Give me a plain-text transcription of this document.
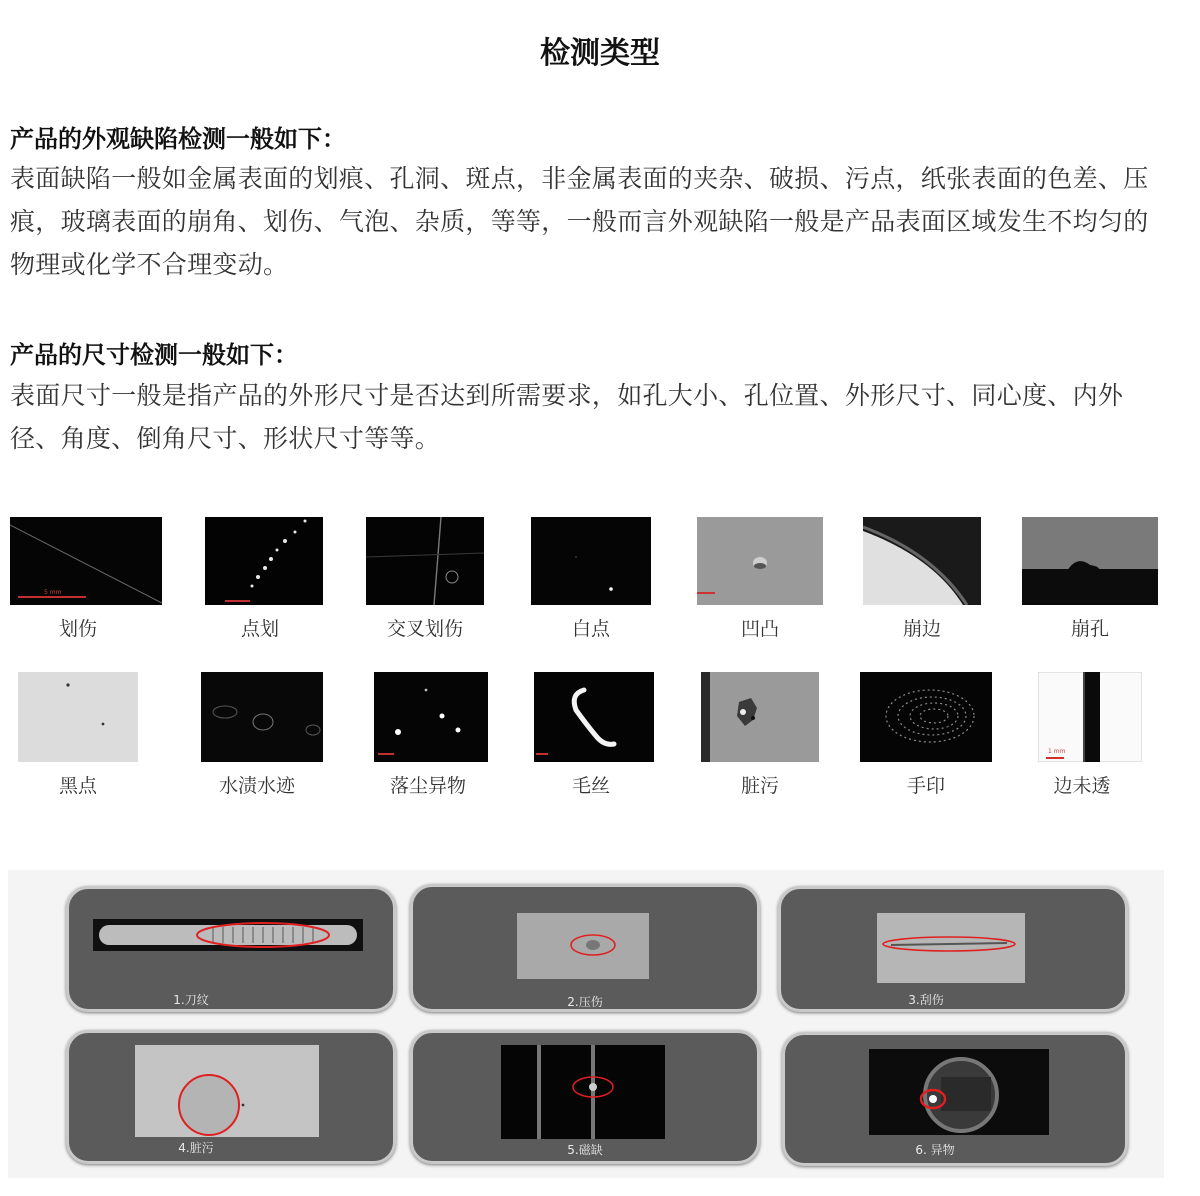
检测类型
产品的外观缺陷检测一般如下：
表面缺陷一般如金属表面的划痕、孔洞、斑点，非金属表面的夹杂、破损、污点，纸张表面的色差、压痕，玻璃表面的崩角、划伤、气泡、杂质，等等，一般而言外观缺陷一般是产品表面区域发生不均匀的物理或化学不合理变动。
产品的尺寸检测一般如下：
表面尺寸一般是指产品的外形尺寸是否达到所需要求，如孔大小、孔位置、外形尺寸、同心度、内外径、角度、倒角尺寸、形状尺寸等等。
5 mm
划伤	点划	交叉划伤	白点	凹凸	崩边	崩孔
1 mm
黑点	水渍水迹	落尘异物	毛丝	脏污	手印	边未透
1.刀纹	2.压伤	3.刮伤
4.脏污	5.磁缺	6. 异物
